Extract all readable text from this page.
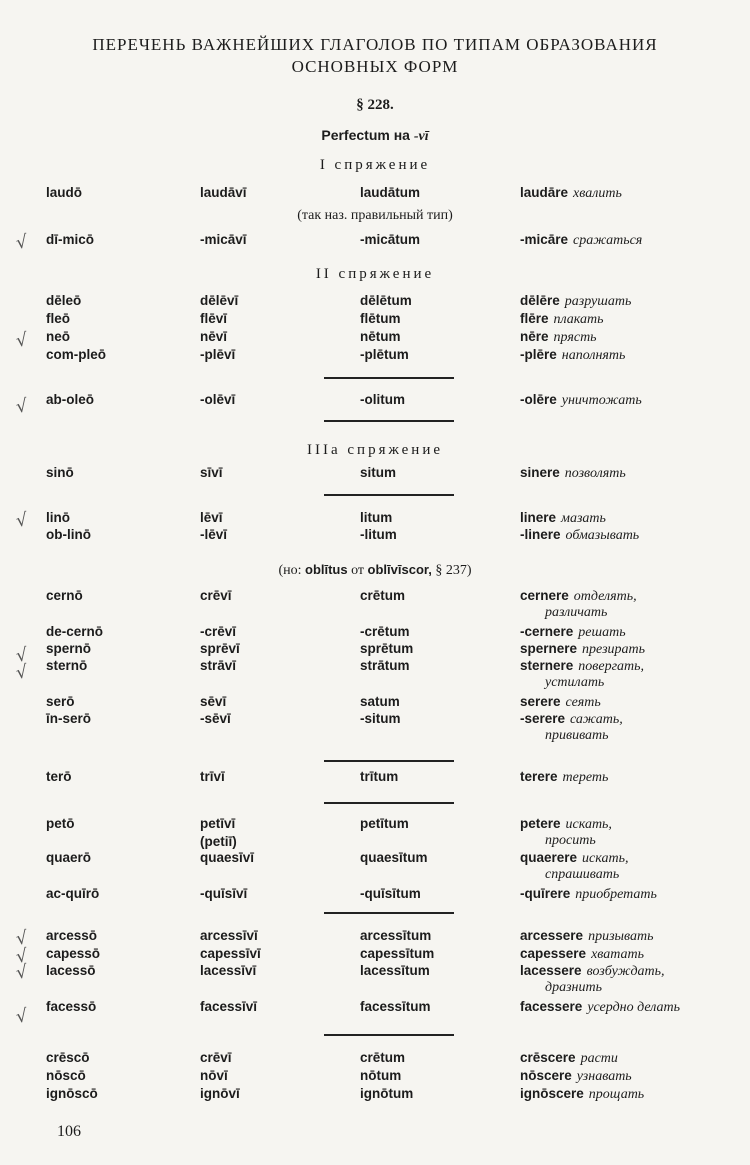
ПЕРЕЧЕНЬ ВАЖНЕЙШИХ ГЛАГОЛОВ ПО ТИПАМ ОБРАЗОВАНИЯ
ОСНОВНЫХ ФОРМ
§ 228.
Perfectum на -vī
I спряжение
(так наз. правильный тип)
II спряжение
IIIa спряжение
(но: oblītus от oblīvīscor, § 237)
laudō	laudāvī	laudātum	laudāre хвалить
dī-micō	-micāvī	-micātum	-micāre сражаться
dēleō	dēlēvī	dēlētum	dēlēre разрушать
fleō	flēvī	flētum	flēre плакать
neō	nēvī	nētum	nēre прясть
com-pleō	-plēvī	-plētum	-plēre наполнять
ab-oleō	-olēvī	-olitum	-olēre уничтожать
sinō	sīvī	situm	sinere позволять
linō	lēvī	litum	linere мазать
ob-linō	-lēvī	-litum	-linere обмазывать
cernō	crēvī	crētum	cernere отделять,
различать
de-cernō	-crēvī	-crētum	-cernere решать
spernō	sprēvī	sprētum	spernere презирать
sternō	strāvī	strātum	sternere повергать,
устилать
serō	sēvī	satum	serere сеять
īn-serō	-sēvī	-situm	-serere сажать,
прививать
terō	trīvī	trītum	terere тереть
petō	petīvī	petītum	petere искать,
просить
(petiī)
quaerō	quaesīvī	quaesītum	quaerere искать,
спрашивать
ac-quīrō	-quīsīvī	-quīsītum	-quīrere приобретать
arcessō	arcessīvī	arcessītum	arcessere призывать
capessō	capessīvī	capessītum	capessere хватать
lacessō	lacessīvī	lacessītum	lacessere возбуждать,
дразнить
facessō	facessīvī	facessītum	facessere усердно делать
crēscō	crēvī	crētum	crēscere расти
nōscō	nōvī	nōtum	nōscere узнавать
ignōscō	ignōvī	ignōtum	ignōscere прощать
√
√
√
√
√
√
√
√
√
√
106
